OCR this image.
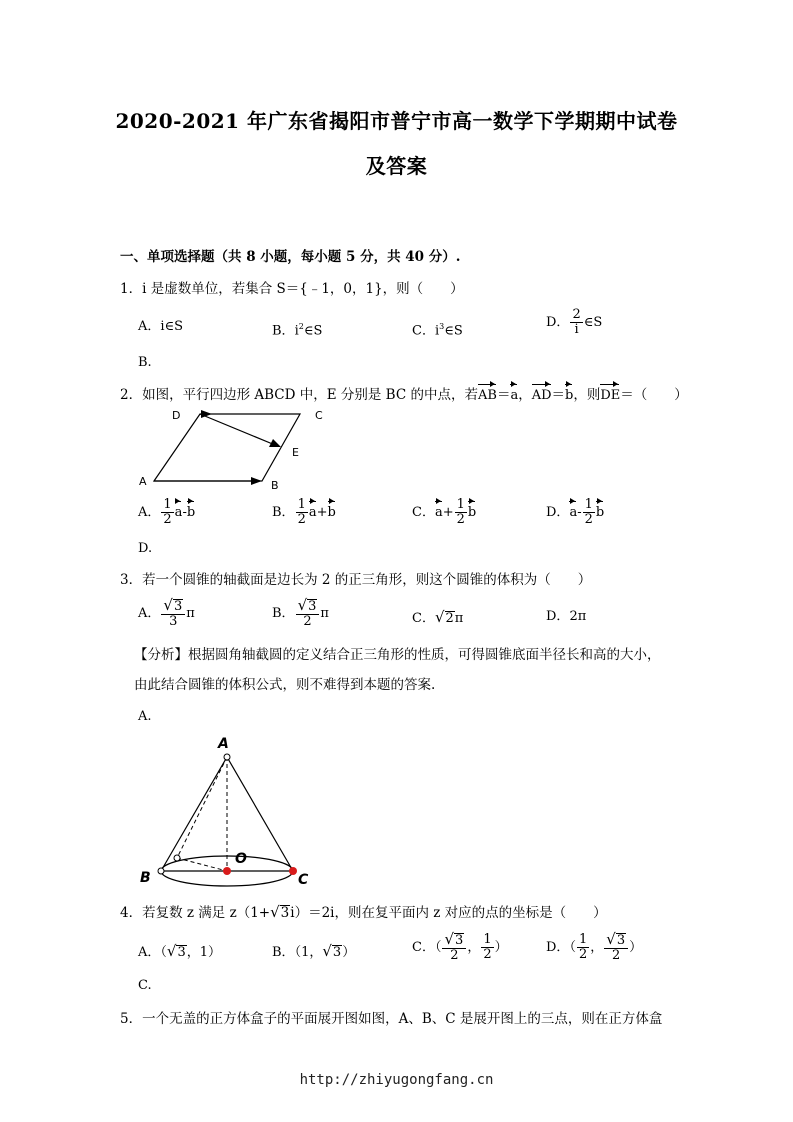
2020-2021 年广东省揭阳市普宁市高一数学下学期期中试卷
及答案
一、单项选择题（共 8 小题，每小题 5 分，共 40 分）.
1．i 是虚数单位，若集合 S＝{﹣1，0，1}，则（　　）
A．i∈S	B．$i^2\in S$	C．$i^3\in S$
D． $\frac{2}{i}$ ∈S
B.
2．如图，平行四边形 ABCD 中，E 分别是 BC 的中点，若AB＝a，AD＝b，则DE＝（　　）
D	C
E
A	B
A． $\frac{1}{2} a-b$	B． $\frac{1}{2} a+b$	C．$a+ \frac{1}{2}$ b	D．$a- \frac{1}{2}$ b
D.
3．若一个圆锥的轴截面是边长为 2 的正三角形，则这个圆锥的体积为（　　）
A． $\frac{√3}{3}$ π	B． $\frac{√3}{2}$ π	C．√2π	D．2π
【分析】根据圆角轴截圆的定义结合正三角形的性质，可得圆锥底面半径长和高的大小，
由此结合圆锥的体积公式，则不难得到本题的答案.
A.
A
B
O
C
4．若复数 z 满足 z（1+√3i）＝2i，则在复平面内 z 对应的点的坐标是（　　）
A．（√3，1）	B．（1，√3）	C．（ $\frac{√3}{2}$ ， $\frac{1}{2}$ ）	D．（ $\frac{1}{2}$ ， $\frac{√3}{2}$ ）
C.
5．一个无盖的正方体盒子的平面展开图如图，A、B、C 是展开图上的三点，则在正方体盒
http://zhiyugongfang.cn
